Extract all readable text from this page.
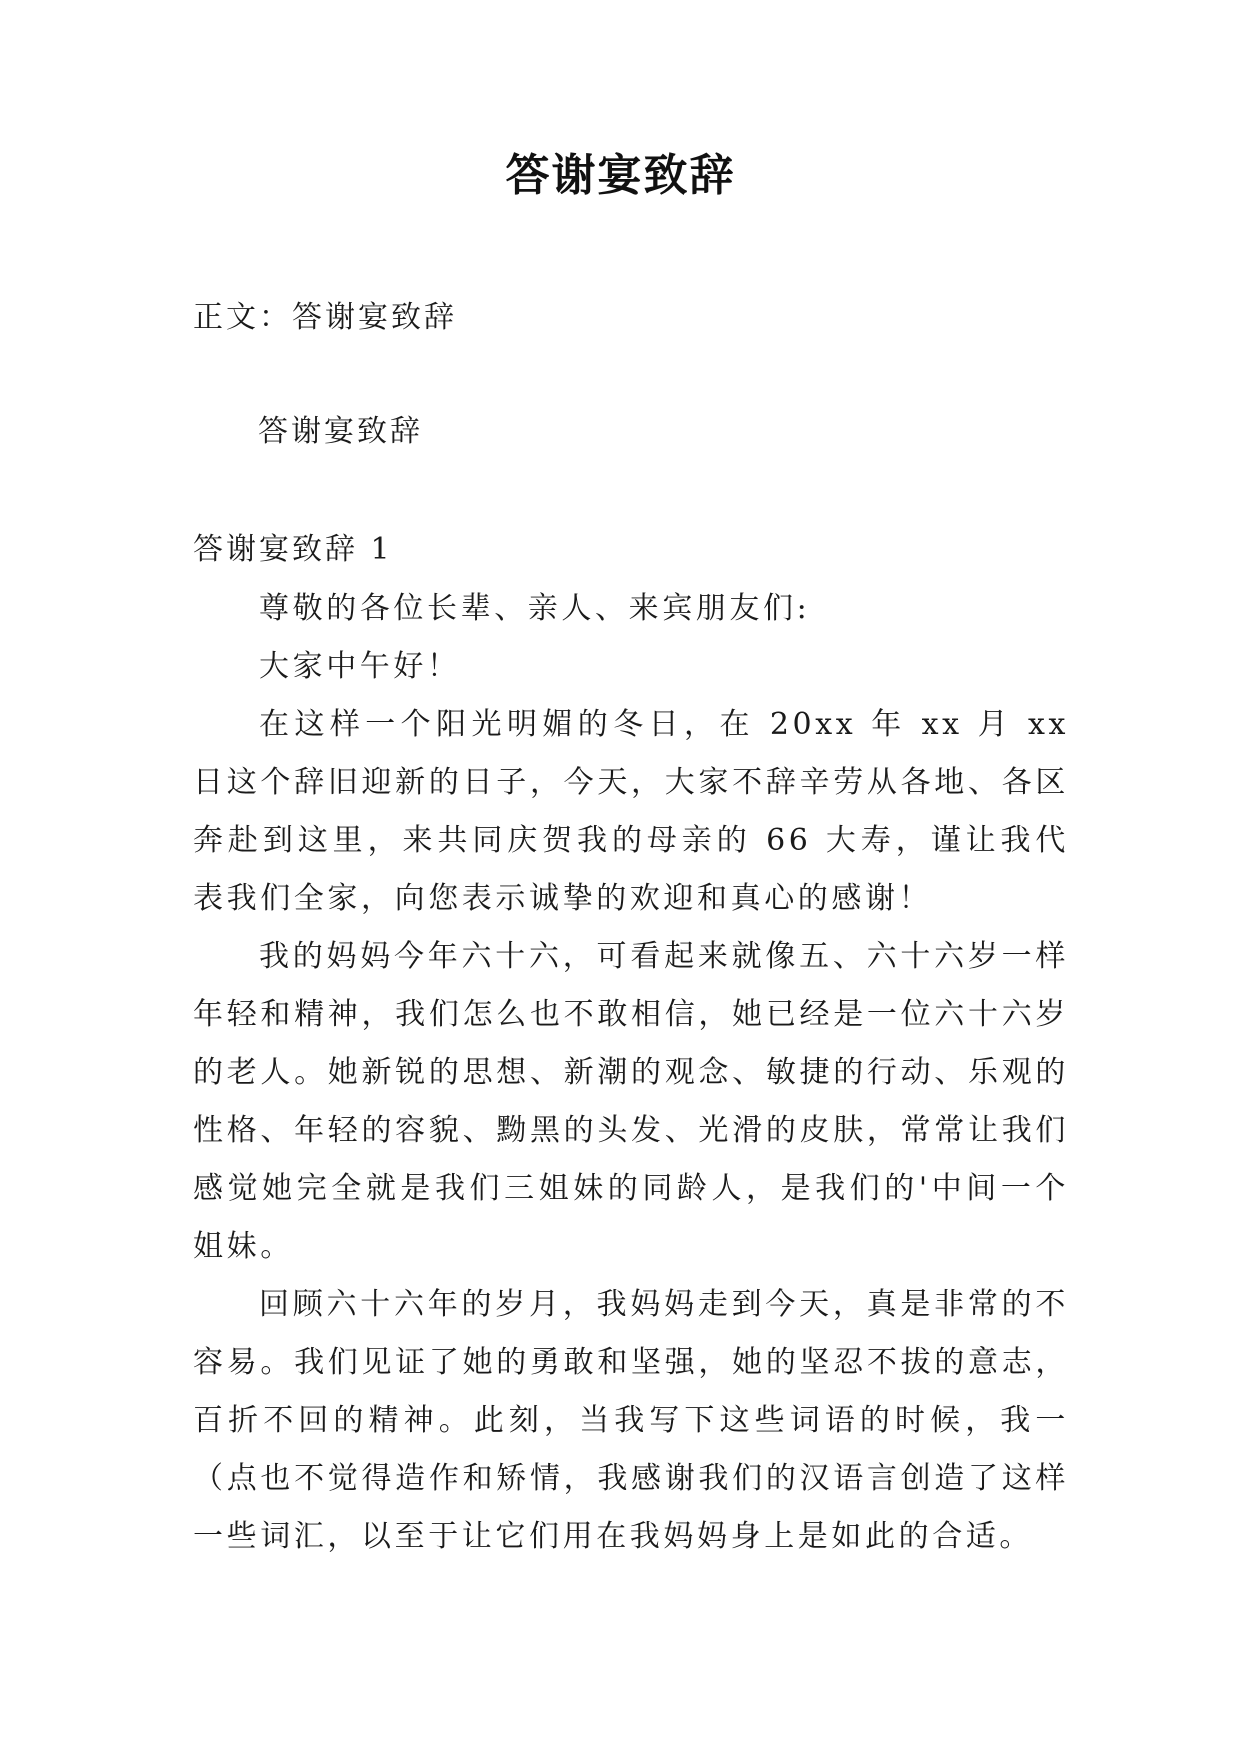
答谢宴致辞
正文：答谢宴致辞
答谢宴致辞
答谢宴致辞 1

尊敬的各位长辈、亲人、来宾朋友们:

大家中午好！

在这样一个阳光明媚的冬日，在 20xx 年 xx 月 xx 日这个辞旧迎新的日子，今天，大家不辞辛劳从各地、各区奔赴到这里，来共同庆贺我的母亲的 66 大寿，谨让我代表我们全家，向您表示诚挚的欢迎和真心的感谢！

我的妈妈今年六十六，可看起来就像五、六十六岁一样年轻和精神，我们怎么也不敢相信，她已经是一位六十六岁的老人。她新锐的思想、新潮的观念、敏捷的行动、乐观的性格、年轻的容貌、黝黑的头发、光滑的皮肤，常常让我们感觉她完全就是我们三姐妹的同龄人，是我们的'中间一个姐妹。

回顾六十六年的岁月，我妈妈走到今天，真是非常的不容易。我们见证了她的勇敢和坚强，她的坚忍不拔的意志，百折不回的精神。此刻，当我写下这些词语的时候，我一（点也不觉得造作和矫情，我感谢我们的汉语言创造了这样一些词汇，以至于让它们用在我妈妈身上是如此的合适。
